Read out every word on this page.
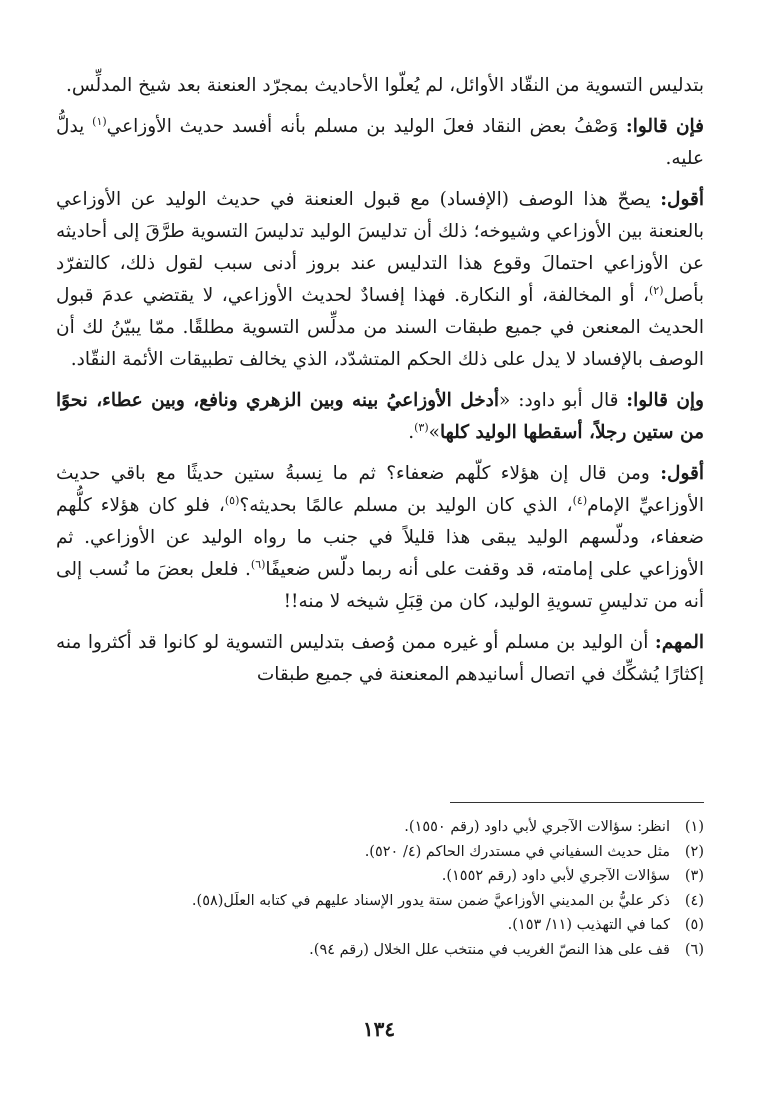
بتدليس التسوية من النقّاد الأوائل، لم يُعلّوا الأحاديث بمجرّد العنعنة بعد شيخ المدلِّس.

فإن قالوا: وَصْفُ بعض النقاد فعلَ الوليد بن مسلم بأنه أفسد حديث الأوزاعي$^{(١)}$ يدلُّ عليه.

أقول: يصحّ هذا الوصف (الإفساد) مع قبول العنعنة في حديث الوليد عن الأوزاعي بالعنعنة بين الأوزاعي وشيوخه؛ ذلك أن تدليسَ الوليد تدليسَ التسوية طرَّقَ إلى أحاديثه عن الأوزاعي احتمالَ وقوع هذا التدليس عند بروز أدنى سبب لقول ذلك، كالتفرّد بأصل$^{(٢)}$، أو المخالفة، أو النكارة. فهذا إفسادٌ لحديث الأوزاعي، لا يقتضي عدمَ قبول الحديث المعنعن في جميع طبقات السند من مدلِّس التسوية مطلقًا. ممّا يبيّنُ لك أن الوصف بالإفساد لا يدل على ذلك الحكم المتشدّد، الذي يخالف تطبيقات الأئمة النقّاد.

وإن قالوا: قال أبو داود: «أدخل الأوزاعيُ بينه وبين الزهري ونافع، وبين عطاء، نحوًا من ستين رجلاً، أسقطها الوليد كلها»$^{(٣)}$.

أقول: ومن قال إن هؤلاء كلّهم ضعفاء؟ ثم ما نِسبةُ ستين حديثًا مع باقي حديث الأوزاعيِّ الإمام$^{(٤)}$، الذي كان الوليد بن مسلم عالمًا بحديثه؟$^{(٥)}$، فلو كان هؤلاء كلُّهم ضعفاء، ودلّسهم الوليد يبقى هذا قليلاً في جنب ما رواه الوليد عن الأوزاعي. ثم الأوزاعي على إمامته، قد وقفت على أنه ربما دلّس ضعيفًا$^{(٦)}$. فلعل بعضَ ما نُسب إلى أنه من تدليسِ تسويةِ الوليد، كان من قِبَلِ شيخه لا منه!!

المهم: أن الوليد بن مسلم أو غيره ممن وُصف بتدليس التسوية لو كانوا قد أكثروا منه إكثارًا يُشكِّك في اتصال أسانيدهم المعنعنة في جميع طبقات

(١)
انظر: سؤالات الآجري لأبي داود (رقم ١٥٥٠).
(٢)
مثل حديث السفياني في مستدرك الحاكم (٤/ ٥٢٠).
(٣)
سؤالات الآجري لأبي داود (رقم ١٥٥٢).
(٤)
ذكر عليُّ بن المديني الأوزاعيَّ ضمن ستة يدور الإسناد عليهم في كتابه العلَل(٥٨).
(٥)
كما في التهذيب (١١/ ١٥٣).
(٦)
قف على هذا النصّ الغريب في منتخب علل الخلال (رقم ٩٤).
١٣٤
